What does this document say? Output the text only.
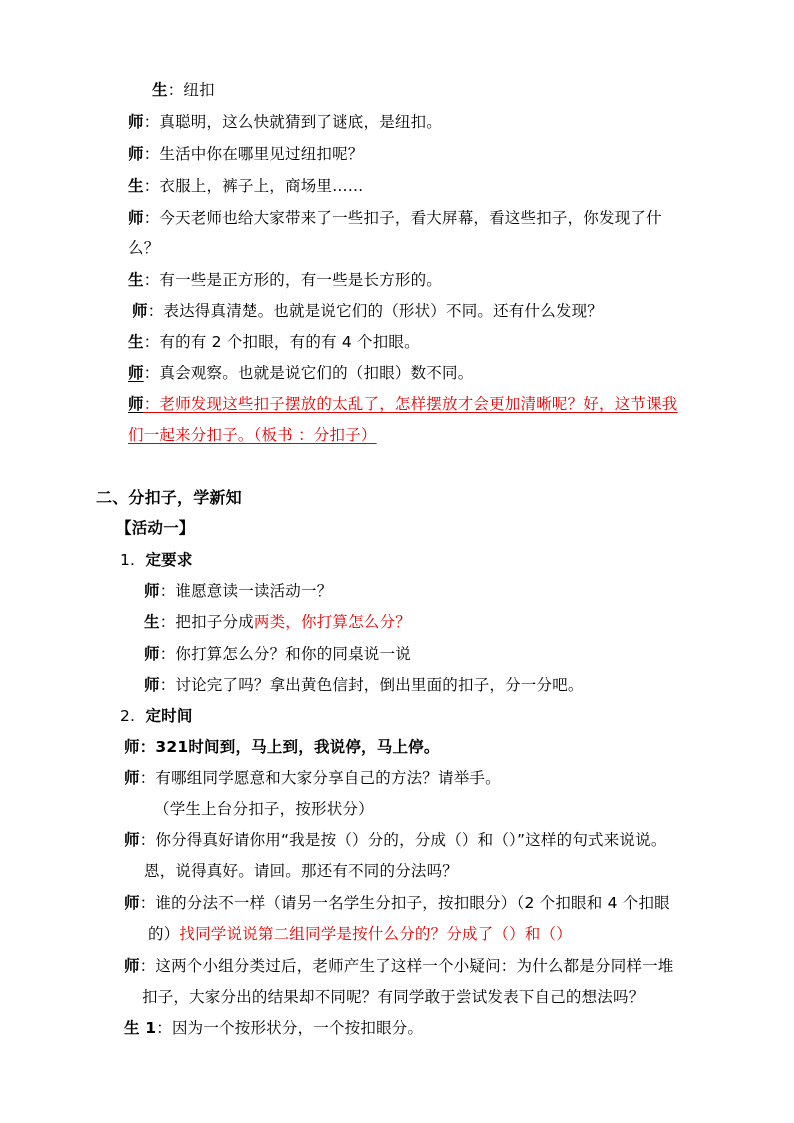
生：纽扣
师：真聪明，这么快就猜到了谜底，是纽扣。
师：生活中你在哪里见过纽扣呢？
生：衣服上，裤子上，商场里……
师：今天老师也给大家带来了一些扣子，看大屏幕，看这些扣子，你发现了什
么？
生：有一些是正方形的，有一些是长方形的。
师：表达得真清楚。也就是说它们的（形状）不同。还有什么发现？
生：有的有 2 个扣眼，有的有 4 个扣眼。
师：真会观察。也就是说它们的（扣眼）数不同。
师：老师发现这些扣子摆放的太乱了，怎样摆放才会更加清晰呢？好，这节课我
们一起来分扣子。（板书 ：分扣子）
二、分扣子，学新知
【活动一】
1. 定要求
师：谁愿意读一读活动一？
生：把扣子分成两类，你打算怎么分？
师：你打算怎么分？和你的同桌说一说
师：讨论完了吗？拿出黄色信封，倒出里面的扣子，分一分吧。
2. 定时间
师：321时间到，马上到，我说停，马上停。
师：有哪组同学愿意和大家分享自己的方法？请举手。
（学生上台分扣子，按形状分）
师：你分得真好请你用“我是按（）分的，分成（）和（）”这样的句式来说说。
恩，说得真好。请回。那还有不同的分法吗？
师：谁的分法不一样（请另一名学生分扣子，按扣眼分）（2 个扣眼和 4 个扣眼
的）找同学说说第二组同学是按什么分的？分成了（）和（）
师：这两个小组分类过后，老师产生了这样一个小疑问：为什么都是分同样一堆
扣子，大家分出的结果却不同呢？有同学敢于尝试发表下自己的想法吗？
生 1：因为一个按形状分，一个按扣眼分。
